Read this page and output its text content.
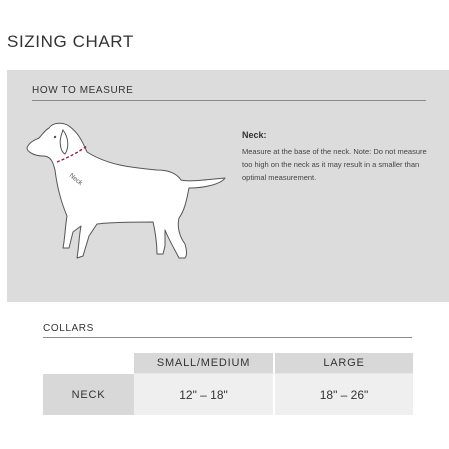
SIZING CHART
HOW TO MEASURE
Neck
Neck:

Measure at the base of the neck. Note: Do not measure too high on the neck as it may result in a smaller than optimal measurement.

COLLARS
	SMALL/MEDIUM	LARGE
NECK	12" – 18"	18" – 26"
